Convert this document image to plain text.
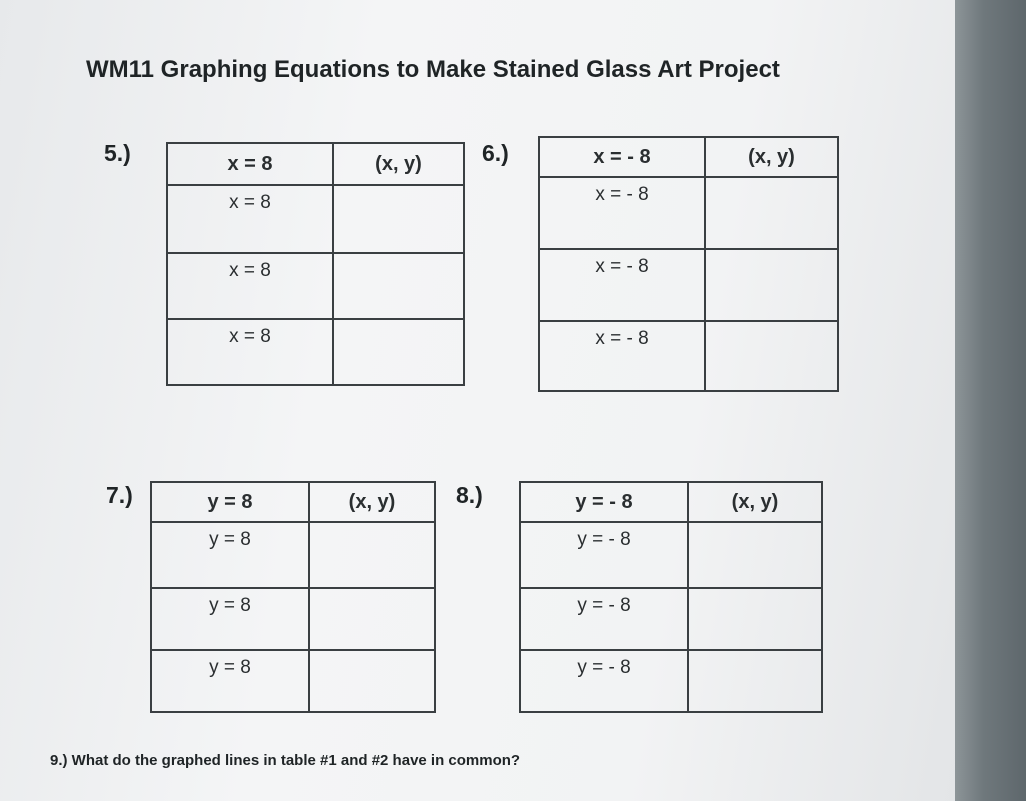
WM11 Graphing Equations to Make Stained Glass Art Project
5.)	x = 8	(x, y)
x = 8	
x = 8	
x = 8	
6.)	x = - 8	(x, y)
x = - 8	
x = - 8	
x = - 8	
7.)	y = 8	(x, y)
y = 8	
y = 8	
y = 8	
8.)	y = - 8	(x, y)
y = - 8	
y = - 8	
y = - 8	
9.) What do the graphed lines in table #1 and #2 have in common?
